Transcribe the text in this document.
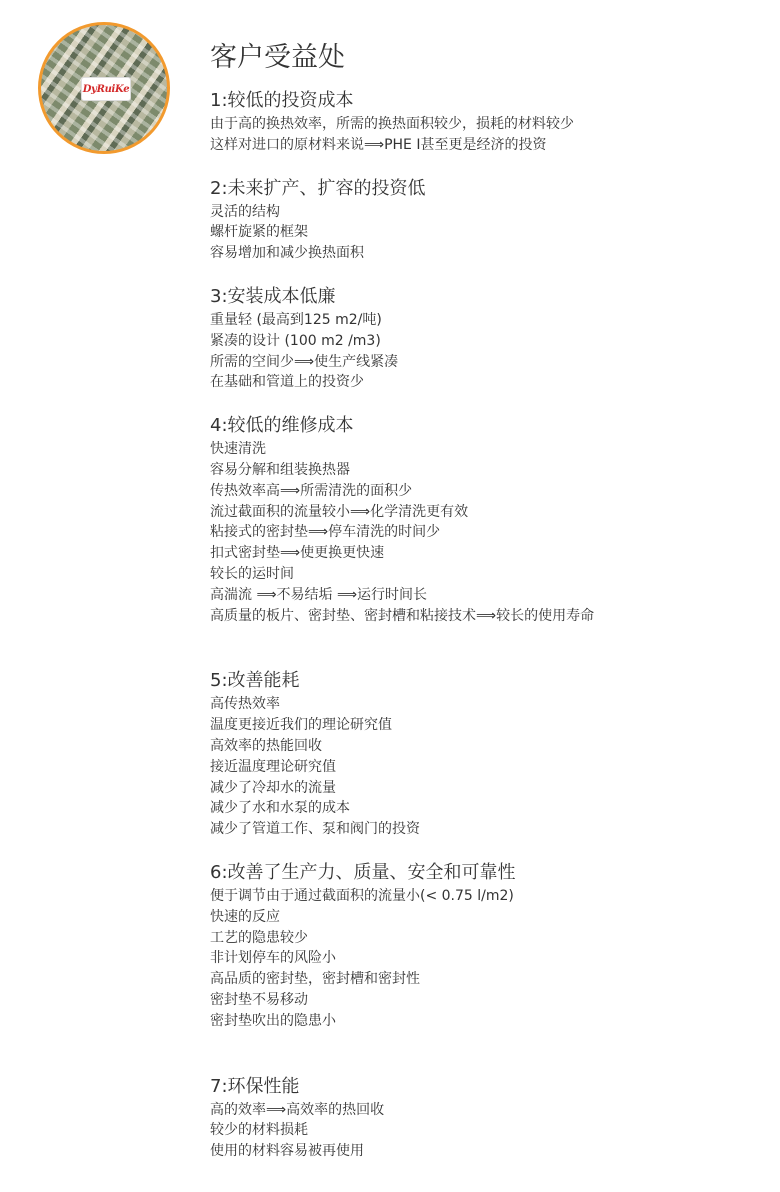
DyRuiKe
客户受益处
1:较低的投资成本
由于高的换热效率，所需的换热面积较少，损耗的材料较少
这样对进口的原材料来说⟹PHE I甚至更是经济的投资
2:未来扩产、扩容的投资低
灵活的结构
螺杆旋紧的框架
容易增加和减少换热面积
3:安装成本低廉
重量轻 (最高到125 m2/吨)
紧凑的设计 (100 m2 /m3)
所需的空间少⟹使生产线紧凑
在基础和管道上的投资少
4:较低的维修成本
快速清洗
容易分解和组装换热器
传热效率高⟹所需清洗的面积少
流过截面积的流量较小⟹化学清洗更有效
粘接式的密封垫⟹停车清洗的时间少
扣式密封垫⟹使更换更快速
较长的运时间
高湍流 ⟹不易结垢 ⟹运行时间长
高质量的板片、密封垫、密封槽和粘接技术⟹较长的使用寿命
5:改善能耗
高传热效率
温度更接近我们的理论研究值
高效率的热能回收
接近温度理论研究值
减少了冷却水的流量
减少了水和水泵的成本
减少了管道工作、泵和阀门的投资
6:改善了生产力、质量、安全和可靠性
便于调节由于通过截面积的流量小(< 0.75 l/m2)
快速的反应
工艺的隐患较少
非计划停车的风险小
高品质的密封垫，密封槽和密封性
密封垫不易移动
密封垫吹出的隐患小
7:环保性能
高的效率⟹高效率的热回收
较少的材料损耗
使用的材料容易被再使用
